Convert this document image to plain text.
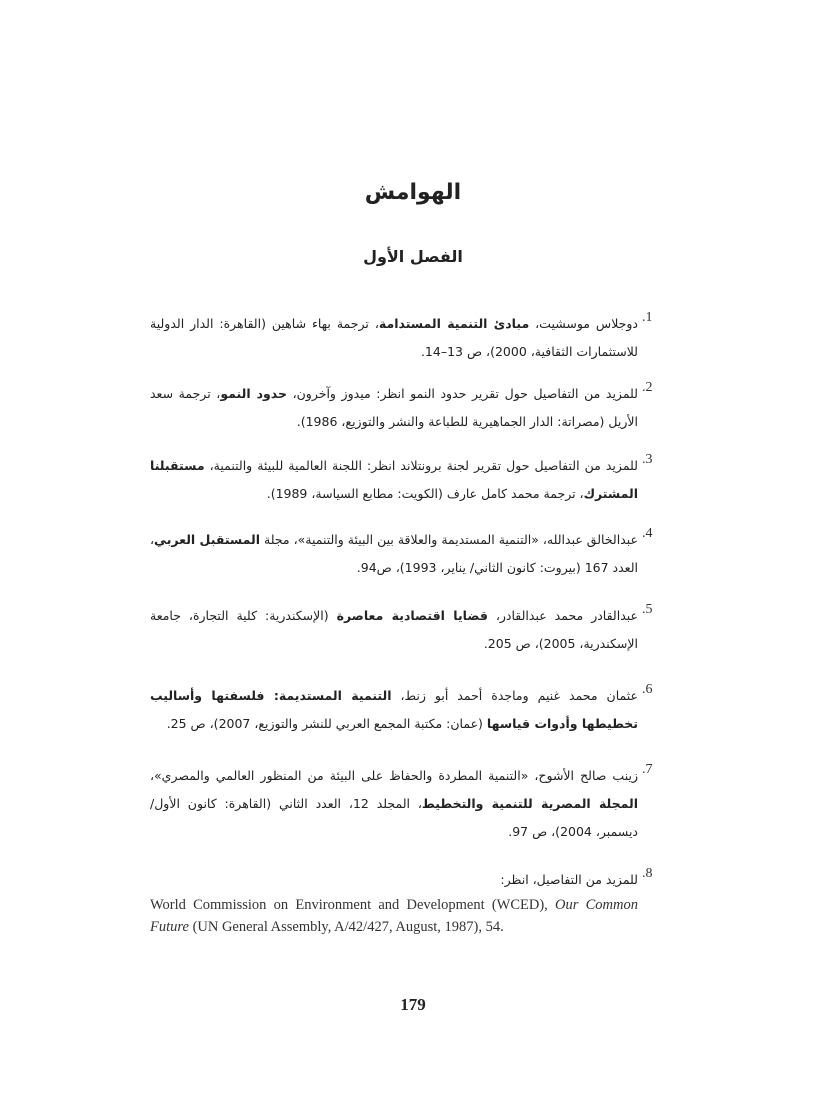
الهوامش
الفصل الأول
.1
دوجلاس موسشيت، مبادئ التنمية المستدامة، ترجمة بهاء شاهين (القاهرة: الدار الدولية للاستثمارات الثقافية، 2000)، ص 13–14.
.2
للمزيد من التفاصيل حول تقرير حدود النمو انظر: ميدوز وآخرون، حدود النمو، ترجمة سعد الأريل (مصراتة: الدار الجماهيرية للطباعة والنشر والتوزيع، 1986).
.3
للمزيد من التفاصيل حول تقرير لجنة برونتلاند انظر: اللجنة العالمية للبيئة والتنمية، مستقبلنا المشترك، ترجمة محمد كامل عارف (الكويت: مطابع السياسة، 1989).
.4
عبدالخالق عبدالله، «التنمية المستديمة والعلاقة بين البيئة والتنمية»، مجلة المستقبل العربي، العدد 167 (بيروت: كانون الثاني/ يناير، 1993)، ص94.
.5
عبدالقادر محمد عبدالقادر، قضايا اقتصادية معاصرة (الإسكندرية: كلية التجارة، جامعة الإسكندرية، 2005)، ص 205.
.6
عثمان محمد غنيم وماجدة أحمد أبو زنط، التنمية المستديمة: فلسفتها وأساليب تخطيطها وأدوات قياسها (عمان: مكتبة المجمع العربي للنشر والتوزيع، 2007)، ص 25.
.7
زينب صالح الأشوح، «التنمية المطردة والحفاظ على البيئة من المنظور العالمي والمصري»، المجلة المصرية للتنمية والتخطيط، المجلد 12، العدد الثاني (القاهرة: كانون الأول/ ديسمبر، 2004)، ص 97.
.8
للمزيد من التفاصيل، انظر:
World Commission on Environment and Development (WCED), Our Common Future (UN General Assembly, A/42/427, August, 1987), 54.
179
